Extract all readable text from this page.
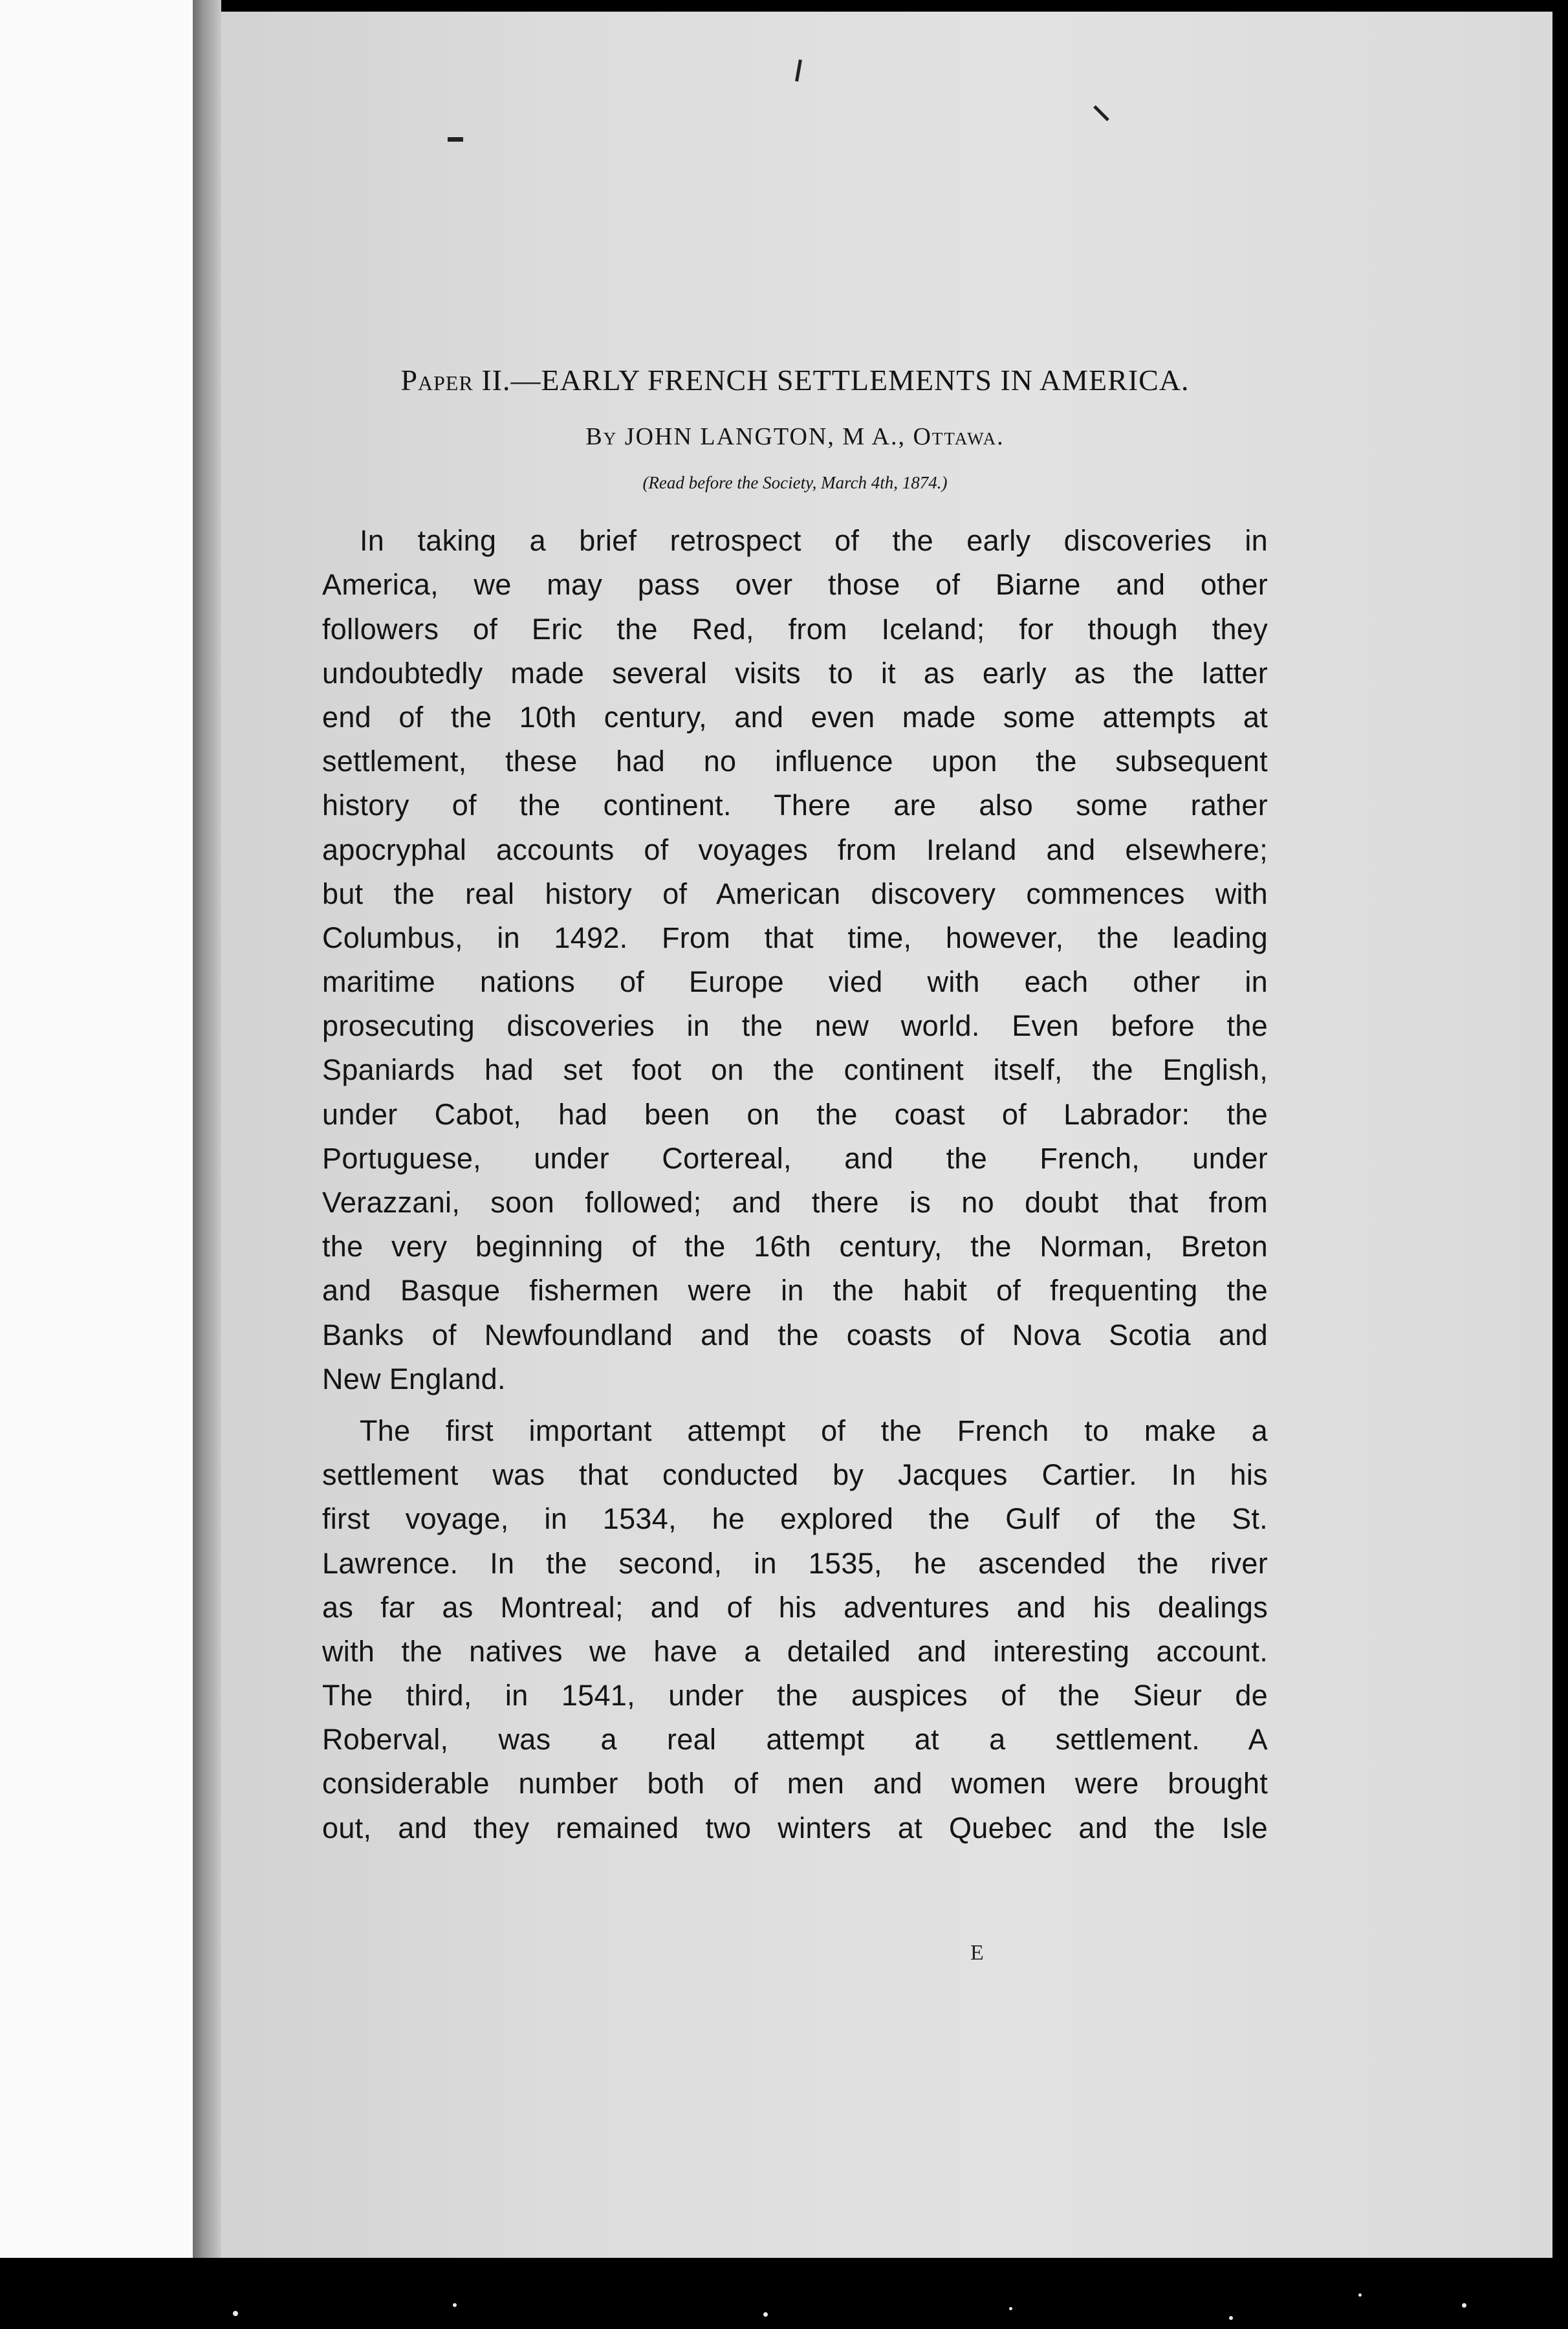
Paper II.—EARLY FRENCH SETTLEMENTS IN AMERICA.
By JOHN LANGTON, M A., Ottawa.
(Read before the Society, March 4th, 1874.)
In taking a brief retrospect of the early discoveries in
America, we may pass over those of Biarne and other
followers of Eric the Red, from Iceland; for though they
undoubtedly made several visits to it as early as the latter
end of the 10th century, and even made some attempts at
settlement, these had no influence upon the subsequent
history of the continent. There are also some rather
apocryphal accounts of voyages from Ireland and elsewhere;
but the real history of American discovery commences with
Columbus, in 1492. From that time, however, the leading
maritime nations of Europe vied with each other in
prosecuting discoveries in the new world. Even before the
Spaniards had set foot on the continent itself, the English,
under Cabot, had been on the coast of Labrador: the
Portuguese, under Cortereal, and the French, under
Verazzani, soon followed; and there is no doubt that from
the very beginning of the 16th century, the Norman, Breton
and Basque fishermen were in the habit of frequenting the
Banks of Newfoundland and the coasts of Nova Scotia and
New England.
The first important attempt of the French to make a
settlement was that conducted by Jacques Cartier. In his
first voyage, in 1534, he explored the Gulf of the St.
Lawrence. In the second, in 1535, he ascended the river
as far as Montreal; and of his adventures and his dealings
with the natives we have a detailed and interesting account.
The third, in 1541, under the auspices of the Sieur de
Roberval, was a real attempt at a settlement. A
considerable number both of men and women were brought
out, and they remained two winters at Quebec and the Isle
E
